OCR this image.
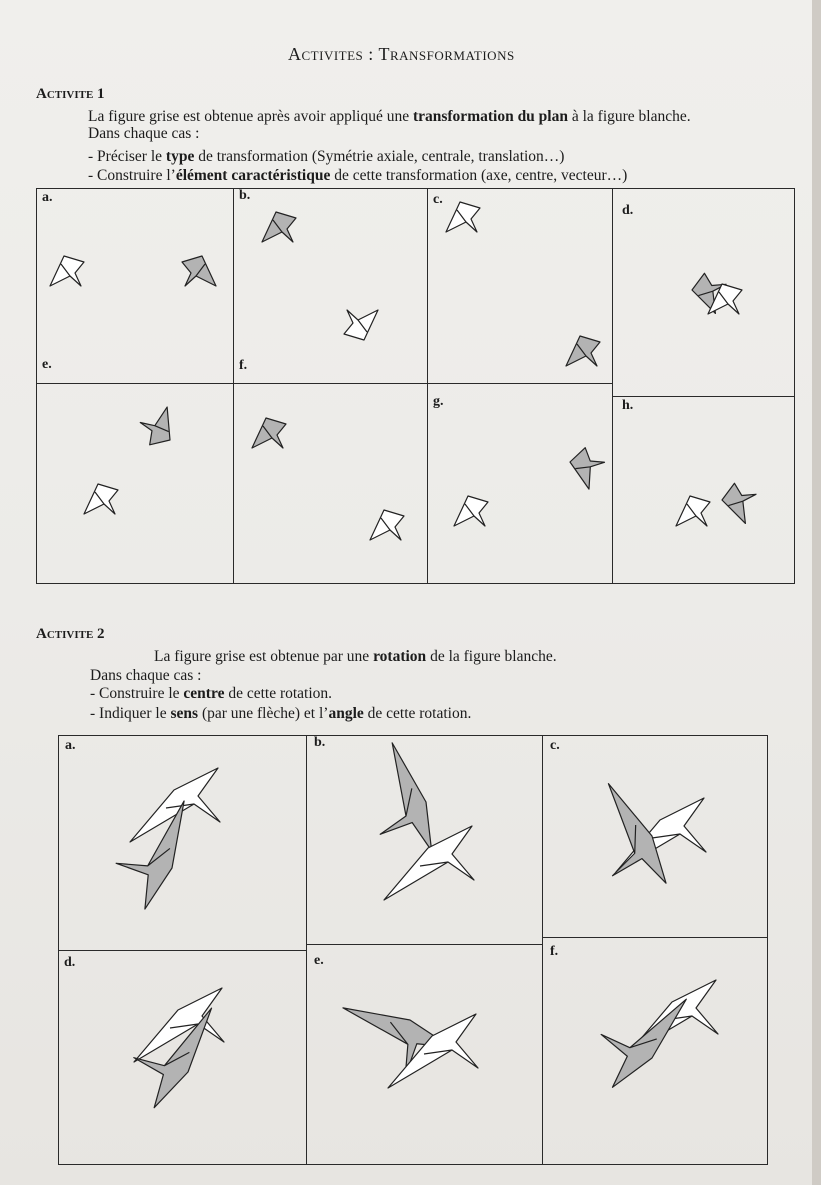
Activites : Transformations
Activite 1
La figure grise est obtenue après avoir appliqué une transformation du plan à la figure blanche.
Dans chaque cas :
- Préciser le type de transformation (Symétrie axiale, centrale, translation…)
- Construire l’élément caractéristique de cette transformation (axe, centre, vecteur…)
a.	b.	c.
d.
e.	f.
g.	h.
Activite 2
La figure grise est obtenue par une rotation de la figure blanche.
Dans chaque cas :
- Construire le centre de cette rotation.
- Indiquer le sens (par une flèche) et l’angle de cette rotation.
a.	b.	c.
d.	e.
f.
